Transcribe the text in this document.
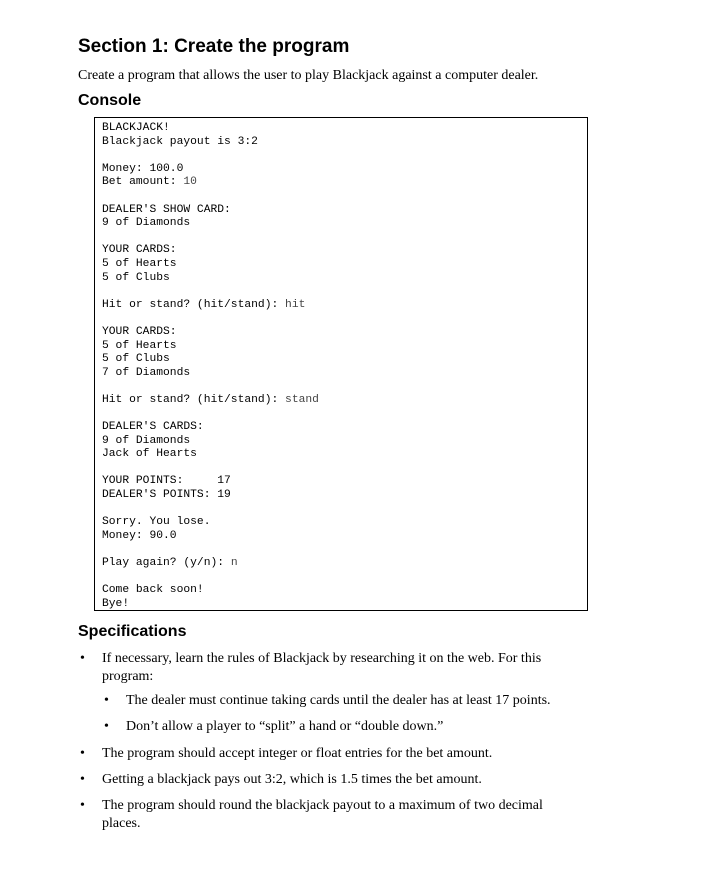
Section 1: Create the program
Create a program that allows the user to play Blackjack against a computer dealer.
Console
BLACKJACK!
Blackjack payout is 3:2
Money: 100.0
Bet amount: 10
DEALER'S SHOW CARD:
9 of Diamonds
YOUR CARDS:
5 of Hearts
5 of Clubs
Hit or stand? (hit/stand): hit
YOUR CARDS:
5 of Hearts
5 of Clubs
7 of Diamonds
Hit or stand? (hit/stand): stand
DEALER'S CARDS:
9 of Diamonds
Jack of Hearts
YOUR POINTS:     17
DEALER'S POINTS: 19
Sorry. You lose.
Money: 90.0
Play again? (y/n): n
Come back soon!
Bye!
Specifications
• If necessary, learn the rules of Blackjack by researching it on the web. For this program:
• The dealer must continue taking cards until the dealer has at least 17 points.
• Don’t allow a player to “split” a hand or “double down.”
• The program should accept integer or float entries for the bet amount.
• Getting a blackjack pays out 3:2, which is 1.5 times the bet amount.
• The program should round the blackjack payout to a maximum of two decimal places.
